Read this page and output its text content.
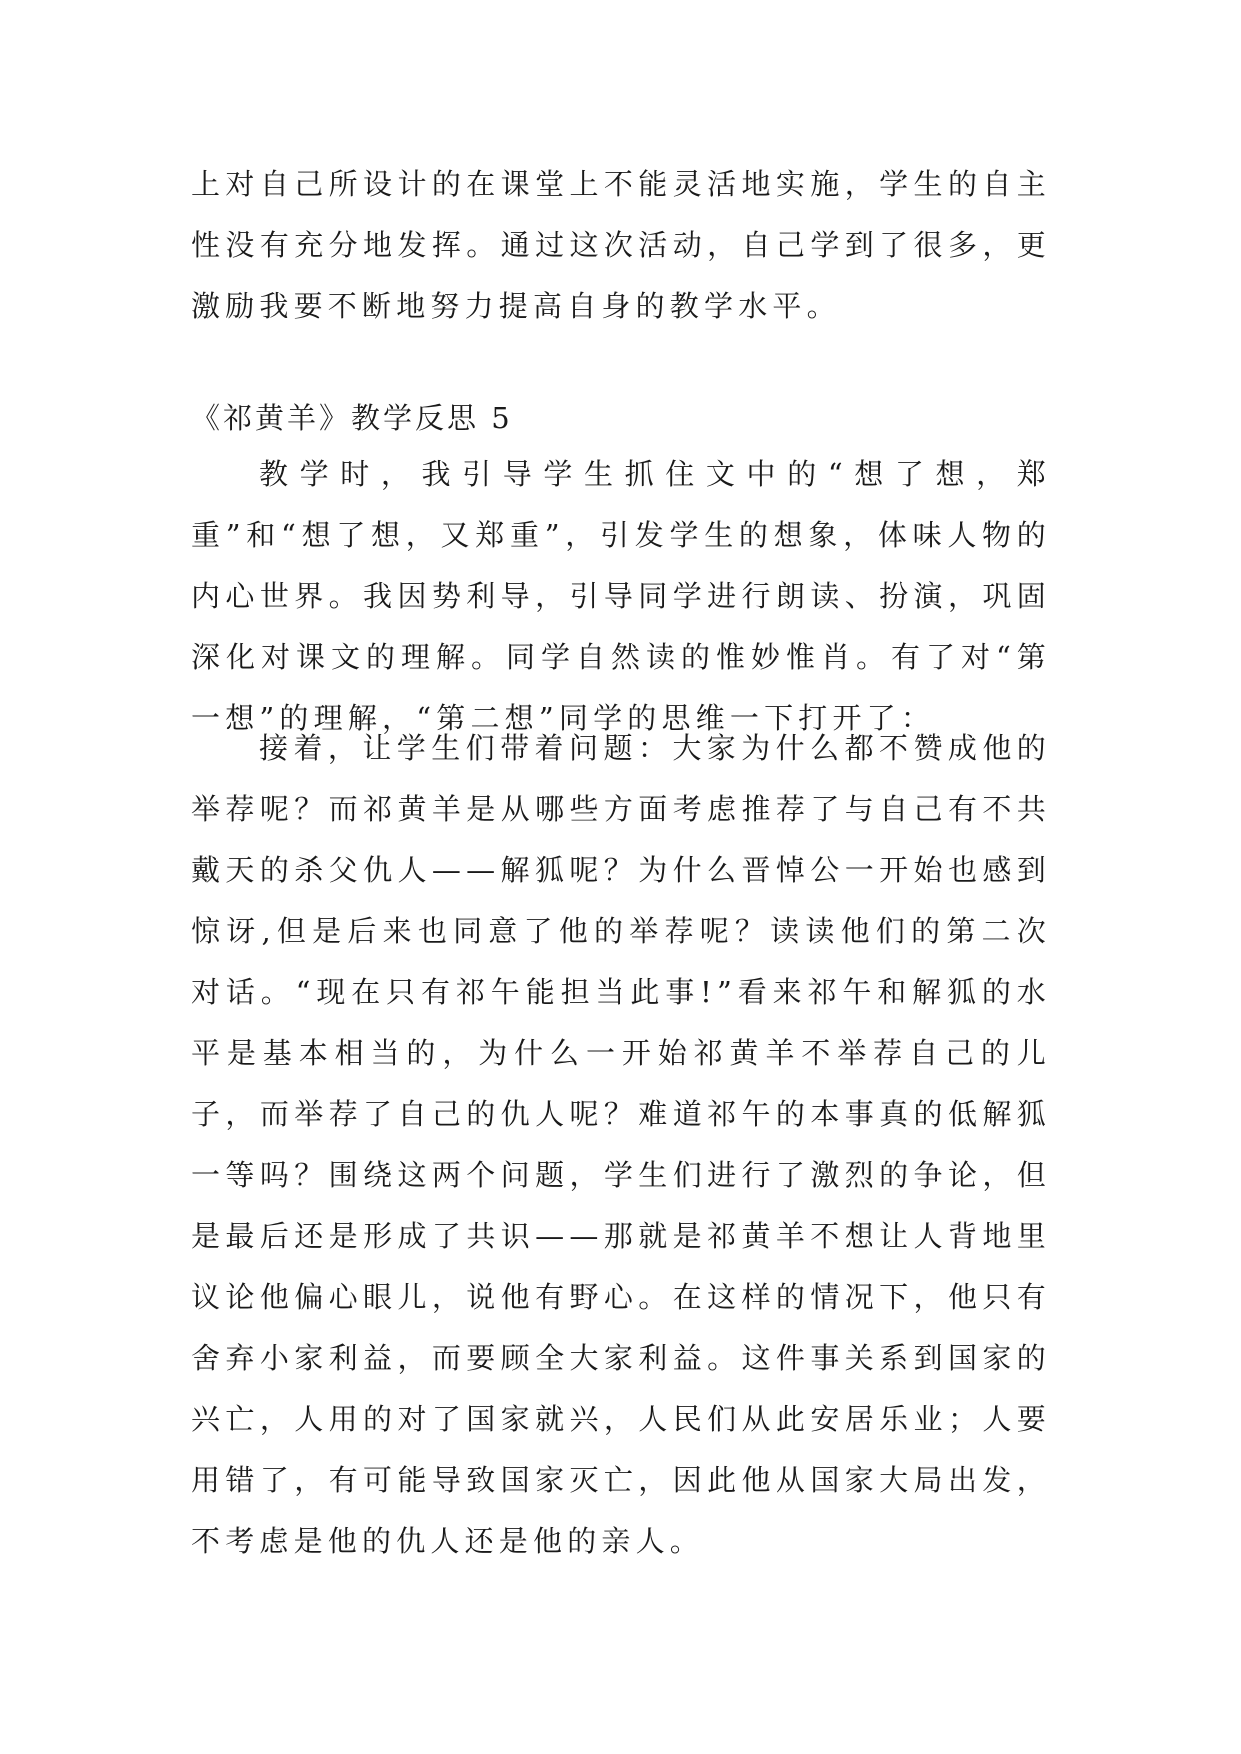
上对自己所设计的在课堂上不能灵活地实施，学生的自主性没有充分地发挥。通过这次活动，自己学到了很多，更激励我要不断地努力提高自身的教学水平。

《祁黄羊》教学反思 5

教学时，我引导学生抓住文中的“想了想，郑重”和“想了想，又郑重”，引发学生的想象，体味人物的内心世界。我因势利导，引导同学进行朗读、扮演，巩固深化对课文的理解。同学自然读的惟妙惟肖。有了对“第一想”的理解，“第二想”同学的思维一下打开了：

接着，让学生们带着问题：大家为什么都不赞成他的举荐呢？而祁黄羊是从哪些方面考虑推荐了与自己有不共戴天的杀父仇人——解狐呢？为什么晋悼公一开始也感到惊讶,但是后来也同意了他的举荐呢？读读他们的第二次对话。“现在只有祁午能担当此事!”看来祁午和解狐的水平是基本相当的，为什么一开始祁黄羊不举荐自己的儿子，而举荐了自己的仇人呢？难道祁午的本事真的低解狐一等吗？围绕这两个问题，学生们进行了激烈的争论，但是最后还是形成了共识——那就是祁黄羊不想让人背地里议论他偏心眼儿，说他有野心。在这样的情况下，他只有舍弃小家利益，而要顾全大家利益。这件事关系到国家的兴亡，人用的对了国家就兴，人民们从此安居乐业；人要用错了，有可能导致国家灭亡，因此他从国家大局出发，不考虑是他的仇人还是他的亲人。
